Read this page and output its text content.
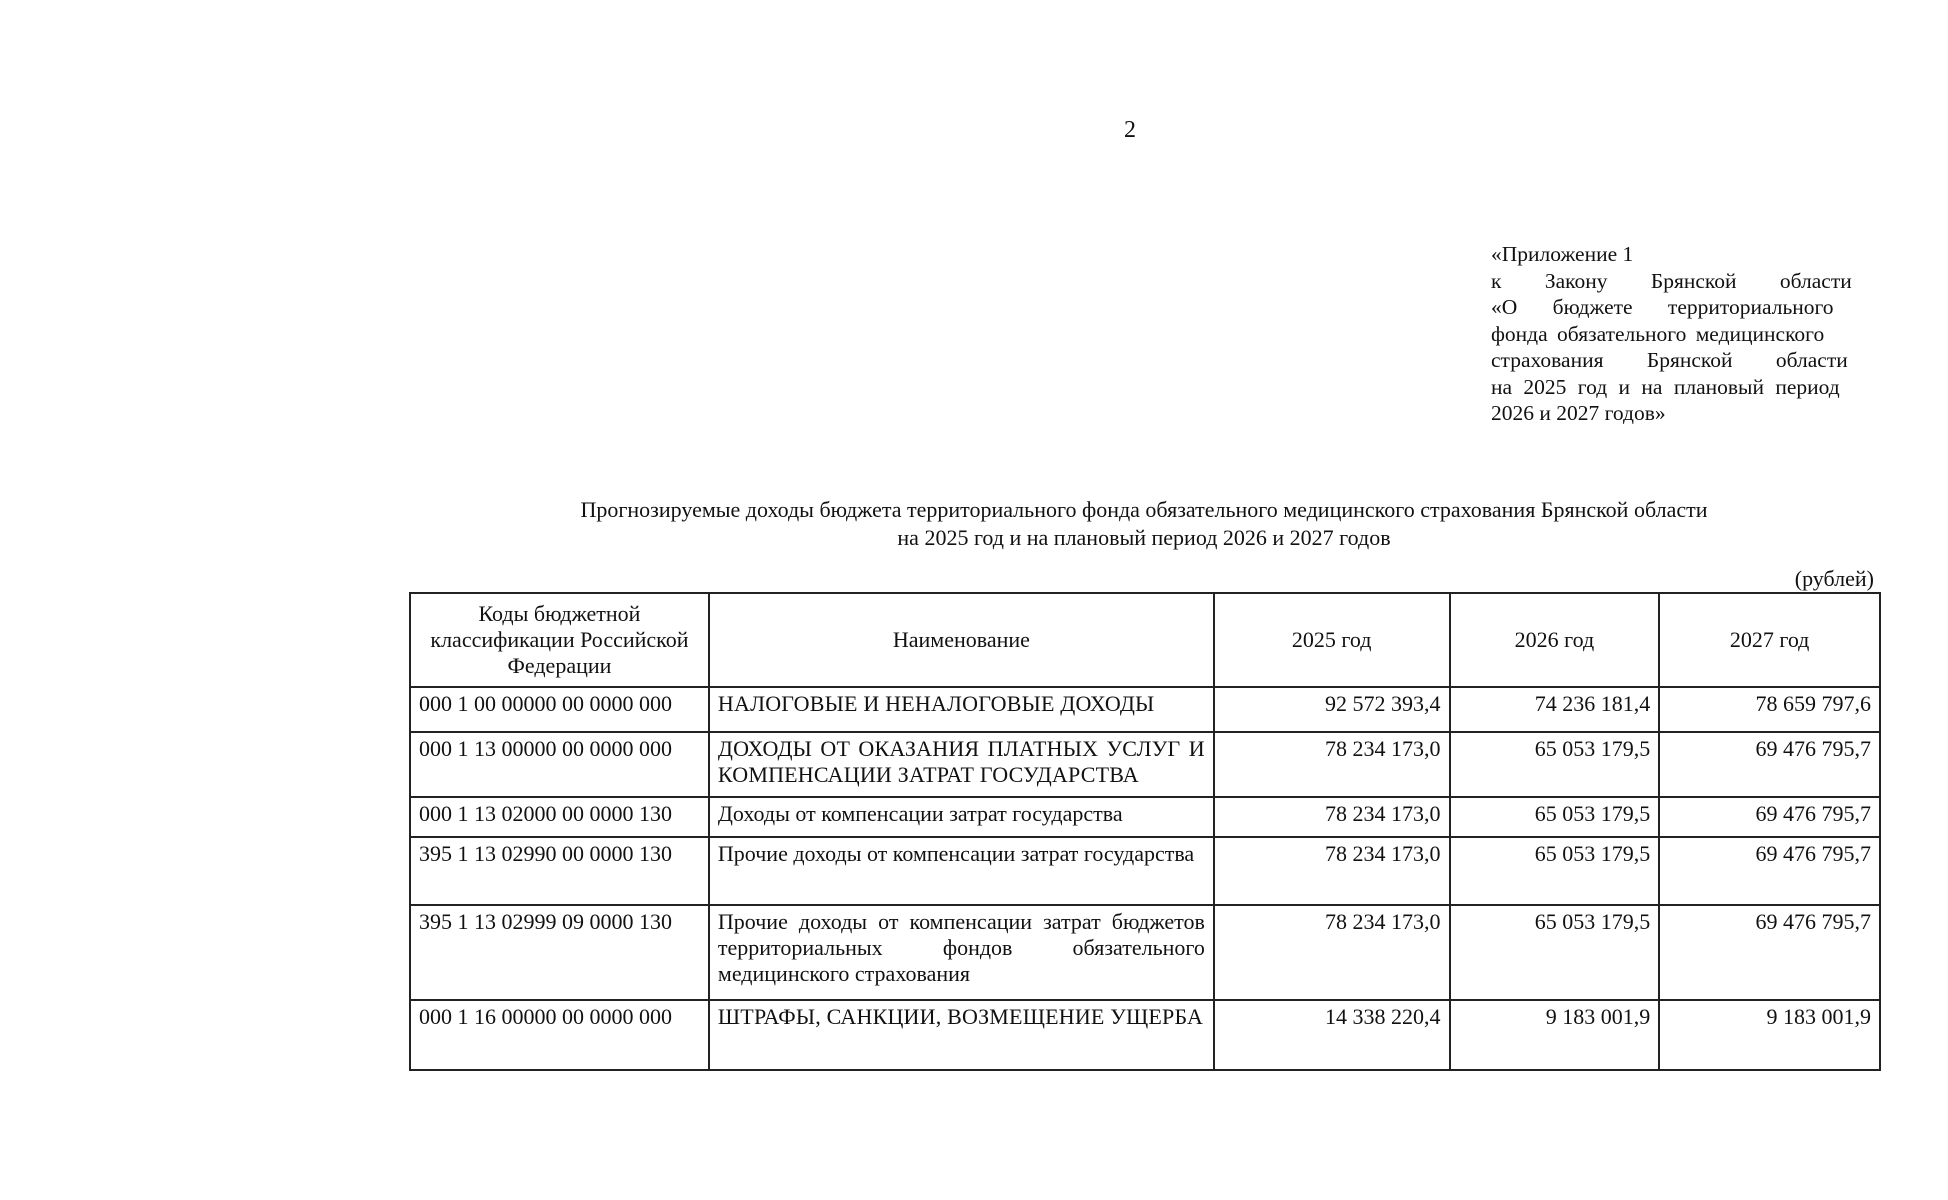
2
«Приложение 1
к Закону Брянской области
«О бюджете территориального
фонда обязательного медицинского
страхования Брянской области
на 2025 год и на плановый период
2026 и 2027 годов»
Прогнозируемые доходы бюджета территориального фонда обязательного медицинского страхования Брянской области
на 2025 год и на плановый период 2026 и 2027 годов
(рублей)
Коды бюджетной классификации Российской Федерации	Наименование	2025 год	2026 год	2027 год
000 1 00 00000 00 0000 000	НАЛОГОВЫЕ И НЕНАЛОГОВЫЕ ДОХОДЫ	92 572 393,4	74 236 181,4	78 659 797,6
000 1 13 00000 00 0000 000	ДОХОДЫ ОТ ОКАЗАНИЯ ПЛАТНЫХ УСЛУГ И КОМПЕНСАЦИИ ЗАТРАТ ГОСУДАРСТВА	78 234 173,0	65 053 179,5	69 476 795,7
000 1 13 02000 00 0000 130	Доходы от компенсации затрат государства	78 234 173,0	65 053 179,5	69 476 795,7
395 1 13 02990 00 0000 130	Прочие доходы от компенсации затрат государства	78 234 173,0	65 053 179,5	69 476 795,7
395 1 13 02999 09 0000 130	Прочие доходы от компенсации затрат бюджетов территориальных фондов обязательного медицинского страхования	78 234 173,0	65 053 179,5	69 476 795,7
000 1 16 00000 00 0000 000	ШТРАФЫ, САНКЦИИ, ВОЗМЕЩЕНИЕ УЩЕРБА	14 338 220,4	9 183 001,9	9 183 001,9
